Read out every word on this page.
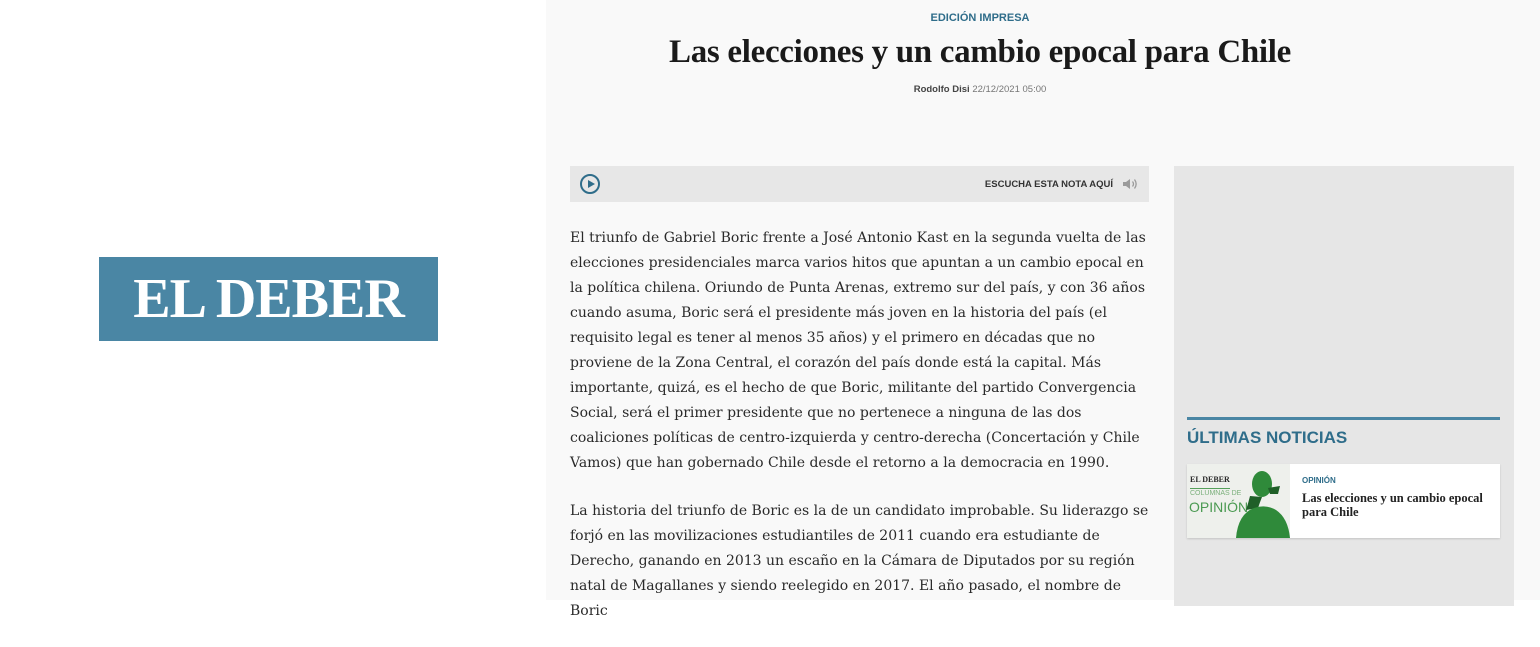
EL DEBER
EDICIÓN IMPRESA
Las elecciones y un cambio epocal para Chile
Rodolfo Disi 22/12/2021 05:00
ESCUCHA ESTA NOTA AQUÍ

El triunfo de Gabriel Boric frente a José Antonio Kast en la segunda vuelta de las elecciones presidenciales marca varios hitos que apuntan a un cambio epocal en la política chilena. Oriundo de Punta Arenas, extremo sur del país, y con 36 años cuando asuma, Boric será el presidente más joven en la historia del país (el requisito legal es tener al menos 35 años) y el primero en décadas que no proviene de la Zona Central, el corazón del país donde está la capital. Más importante, quizá, es el hecho de que Boric, militante del partido Convergencia Social, será el primer presidente que no pertenece a ninguna de las dos coaliciones políticas de centro-izquierda y centro-derecha (Concertación y Chile Vamos) que han gobernado Chile desde el retorno a la democracia en 1990.

La historia del triunfo de Boric es la de un candidato improbable. Su liderazgo se forjó en las movilizaciones estudiantiles de 2011 cuando era estudiante de Derecho, ganando en 2013 un escaño en la Cámara de Diputados por su región natal de Magallanes y siendo reelegido en 2017. El año pasado, el nombre de Boric

ÚLTIMAS NOTICIAS
EL DEBER
COLUMNAS DE
OPINIÓN
OPINIÓN
Las elecciones y un cambio epocal para Chile
